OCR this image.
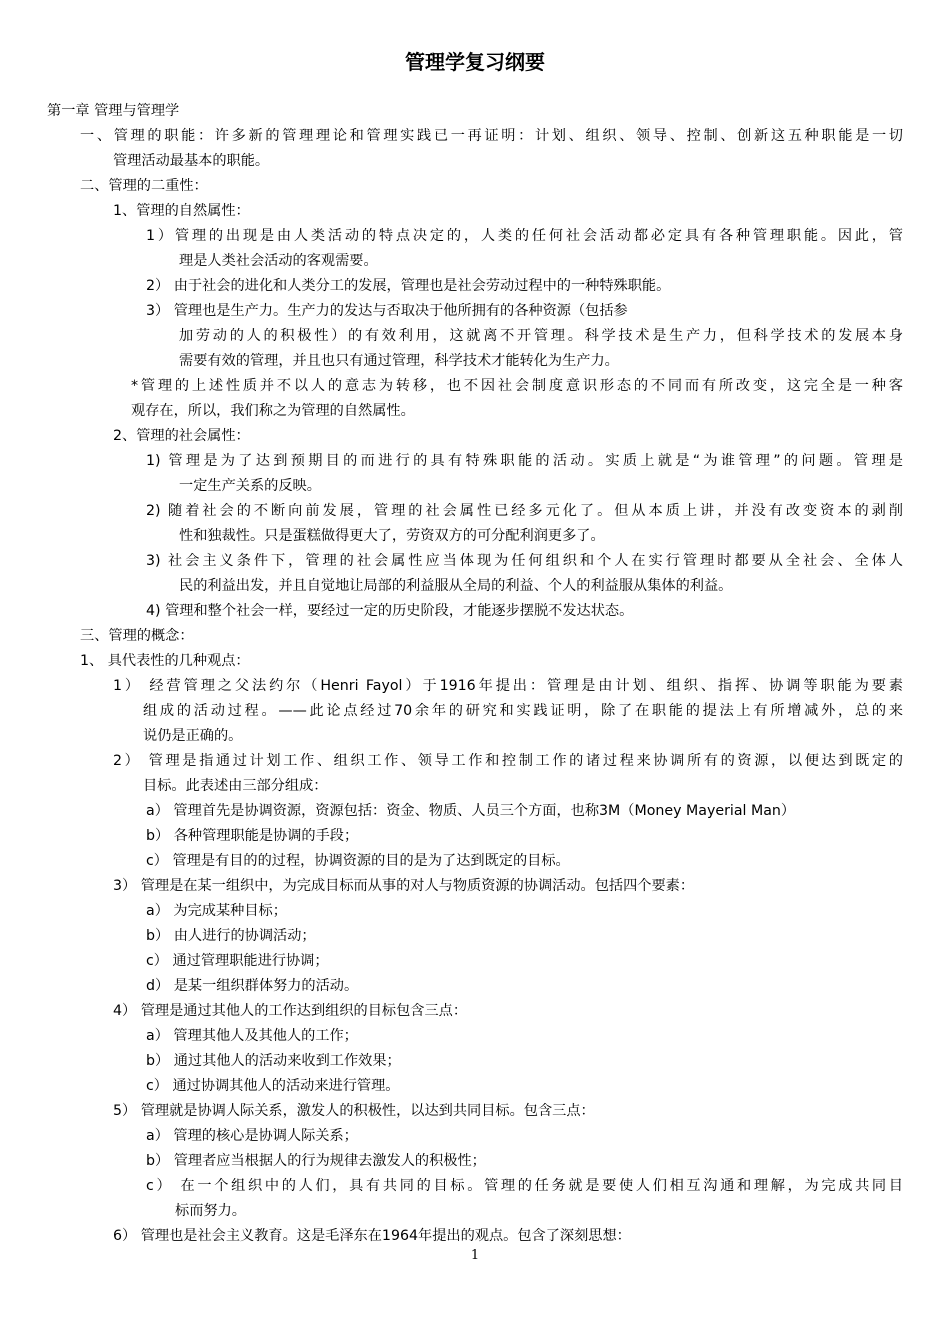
管理学复习纲要
第一章 管理与管理学
一、管理的职能：许多新的管理理论和管理实践已一再证明：计划、组织、领导、控制、创新这五种职能是一切
管理活动最基本的职能。
二、管理的二重性：
1、管理的自然属性：
1）管理的出现是由人类活动的特点决定的，人类的任何社会活动都必定具有各种管理职能。因此，管
理是人类社会活动的客观需要。
2） 由于社会的进化和人类分工的发展，管理也是社会劳动过程中的一种特殊职能。
3） 管理也是生产力。生产力的发达与否取决于他所拥有的各种资源（包括参
加劳动的人的积极性）的有效利用，这就离不开管理。科学技术是生产力，但科学技术的发展本身
需要有效的管理，并且也只有通过管理，科学技术才能转化为生产力。
*管理的上述性质并不以人的意志为转移，也不因社会制度意识形态的不同而有所改变，这完全是一种客
观存在，所以，我们称之为管理的自然属性。
2、管理的社会属性：
1) 管理是为了达到预期目的而进行的具有特殊职能的活动。实质上就是“为谁管理”的问题。管理是
一定生产关系的反映。
2) 随着社会的不断向前发展，管理的社会属性已经多元化了。但从本质上讲，并没有改变资本的剥削
性和独裁性。只是蛋糕做得更大了，劳资双方的可分配利润更多了。
3) 社会主义条件下，管理的社会属性应当体现为任何组织和个人在实行管理时都要从全社会、全体人
民的利益出发，并且自觉地让局部的利益服从全局的利益、个人的利益服从集体的利益。
4) 管理和整个社会一样，要经过一定的历史阶段，才能逐步摆脱不发达状态。
三、管理的概念：
1、 具代表性的几种观点：
1） 经营管理之父法约尔（Henri Fayol）于1916年提出：管理是由计划、组织、指挥、协调等职能为要素
组成的活动过程。——此论点经过70余年的研究和实践证明，除了在职能的提法上有所增减外，总的来
说仍是正确的。
2） 管理是指通过计划工作、组织工作、领导工作和控制工作的诸过程来协调所有的资源，以便达到既定的
目标。此表述由三部分组成：
a） 管理首先是协调资源，资源包括：资金、物质、人员三个方面，也称3M（Money Mayerial Man）
b） 各种管理职能是协调的手段；
c） 管理是有目的的过程，协调资源的目的是为了达到既定的目标。
3） 管理是在某一组织中，为完成目标而从事的对人与物质资源的协调活动。包括四个要素：
a） 为完成某种目标；
b） 由人进行的协调活动；
c） 通过管理职能进行协调；
d） 是某一组织群体努力的活动。
4） 管理是通过其他人的工作达到组织的目标包含三点：
a） 管理其他人及其他人的工作；
b） 通过其他人的活动来收到工作效果；
c） 通过协调其他人的活动来进行管理。
5） 管理就是协调人际关系，激发人的积极性，以达到共同目标。包含三点：
a） 管理的核心是协调人际关系；
b） 管理者应当根据人的行为规律去激发人的积极性；
c） 在一个组织中的人们，具有共同的目标。管理的任务就是要使人们相互沟通和理解，为完成共同目
标而努力。
6） 管理也是社会主义教育。这是毛泽东在1964年提出的观点。包含了深刻思想：
1
